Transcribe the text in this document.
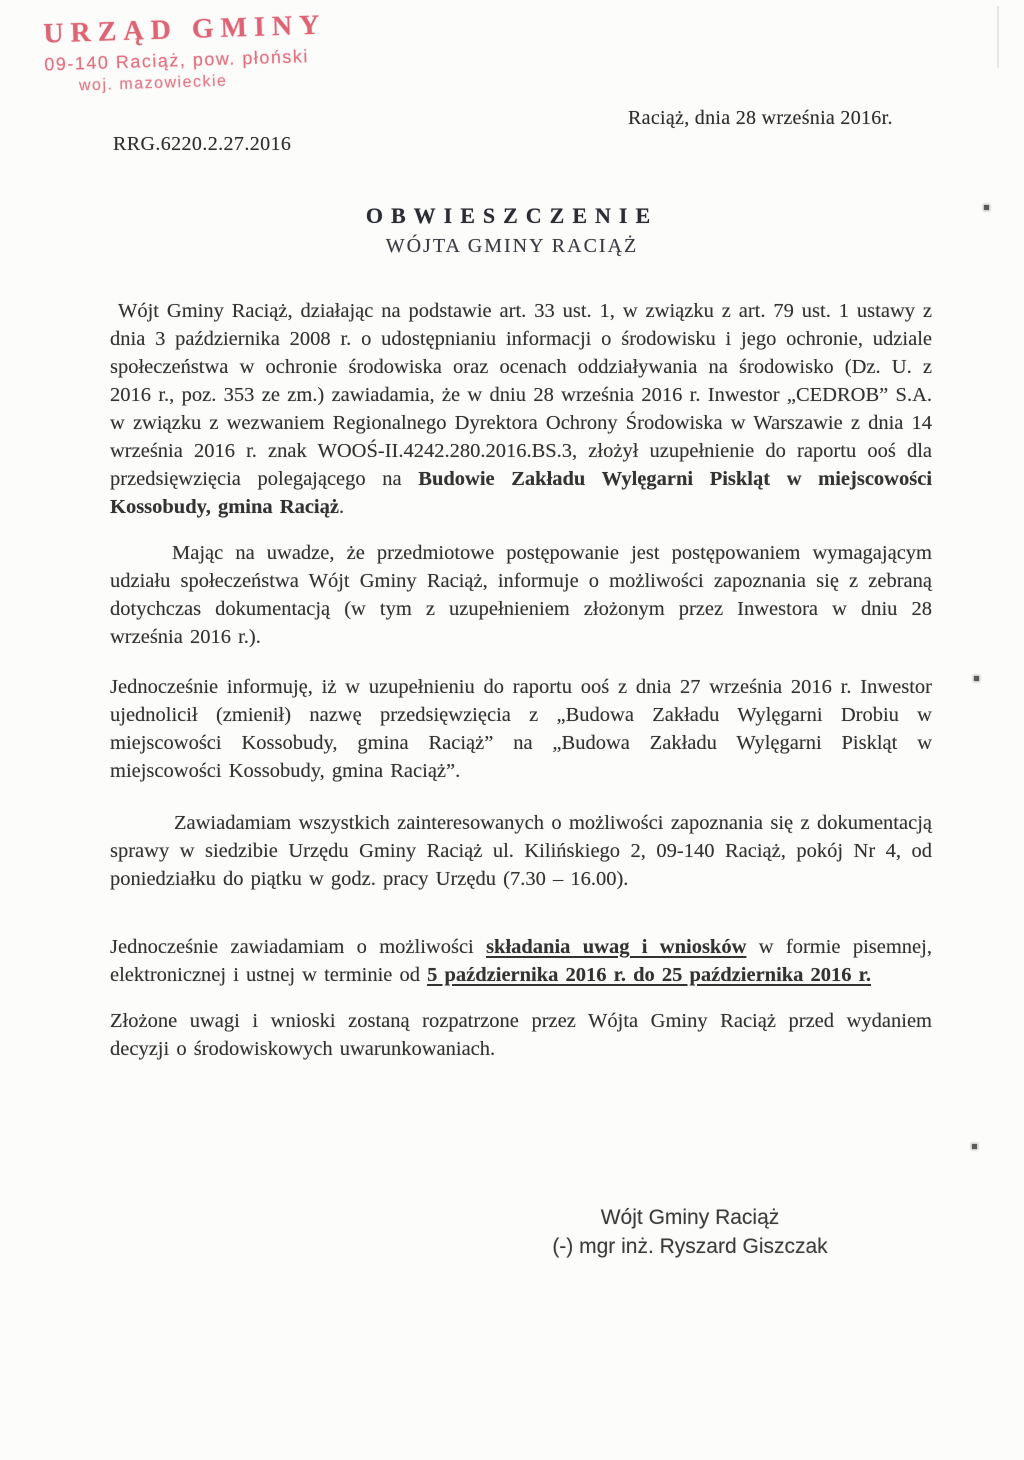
URZĄD GMINY
09-140 Raciąż, pow. płoński
woj. mazowieckie
Raciąż, dnia 28 września 2016r.
RRG.6220.2.27.2016
OBWIESZCZENIE
WÓJTA GMINY RACIĄŻ

Wójt Gminy Raciąż, działając na podstawie art. 33 ust. 1, w związku z art. 79 ust. 1 ustawy z dnia 3 października 2008 r. o udostępnianiu informacji o środowisku i jego ochronie, udziale społeczeństwa w ochronie środowiska oraz ocenach oddziaływania na środowisko (Dz. U. z 2016 r., poz. 353 ze zm.) zawiadamia, że w dniu 28 września 2016 r. Inwestor „CEDROB” S.A. w związku z wezwaniem Regionalnego Dyrektora Ochrony Środowiska w Warszawie z dnia 14 września 2016 r. znak WOOŚ-II.4242.280.2016.BS.3, złożył uzupełnienie do raportu ooś dla przedsięwzięcia polegającego na Budowie Zakładu Wylęgarni Piskląt w miejscowości Kossobudy, gmina Raciąż.

Mając na uwadze, że przedmiotowe postępowanie jest postępowaniem wymagającym udziału społeczeństwa Wójt Gminy Raciąż, informuje o możliwości zapoznania się z zebraną dotychczas dokumentacją (w tym z uzupełnieniem złożonym przez Inwestora w dniu 28 września 2016 r.).

Jednocześnie informuję, iż w uzupełnieniu do raportu ooś z dnia 27 września 2016 r. Inwestor ujednolicił (zmienił) nazwę przedsięwzięcia z „Budowa Zakładu Wylęgarni Drobiu w miejscowości Kossobudy, gmina Raciąż” na „Budowa Zakładu Wylęgarni Piskląt w miejscowości Kossobudy, gmina Raciąż”.

Zawiadamiam wszystkich zainteresowanych o możliwości zapoznania się z dokumentacją sprawy w siedzibie Urzędu Gminy Raciąż ul. Kilińskiego 2, 09-140 Raciąż, pokój Nr 4, od poniedziałku do piątku w godz. pracy Urzędu (7.30 – 16.00).

Jednocześnie zawiadamiam o możliwości składania uwag i wniosków w formie pisemnej, elektronicznej i ustnej w terminie od 5 października 2016 r. do 25 października 2016 r.

Złożone uwagi i wnioski zostaną rozpatrzone przez Wójta Gminy Raciąż przed wydaniem decyzji o środowiskowych uwarunkowaniach.

Wójt Gminy Raciąż
(-) mgr inż. Ryszard Giszczak
